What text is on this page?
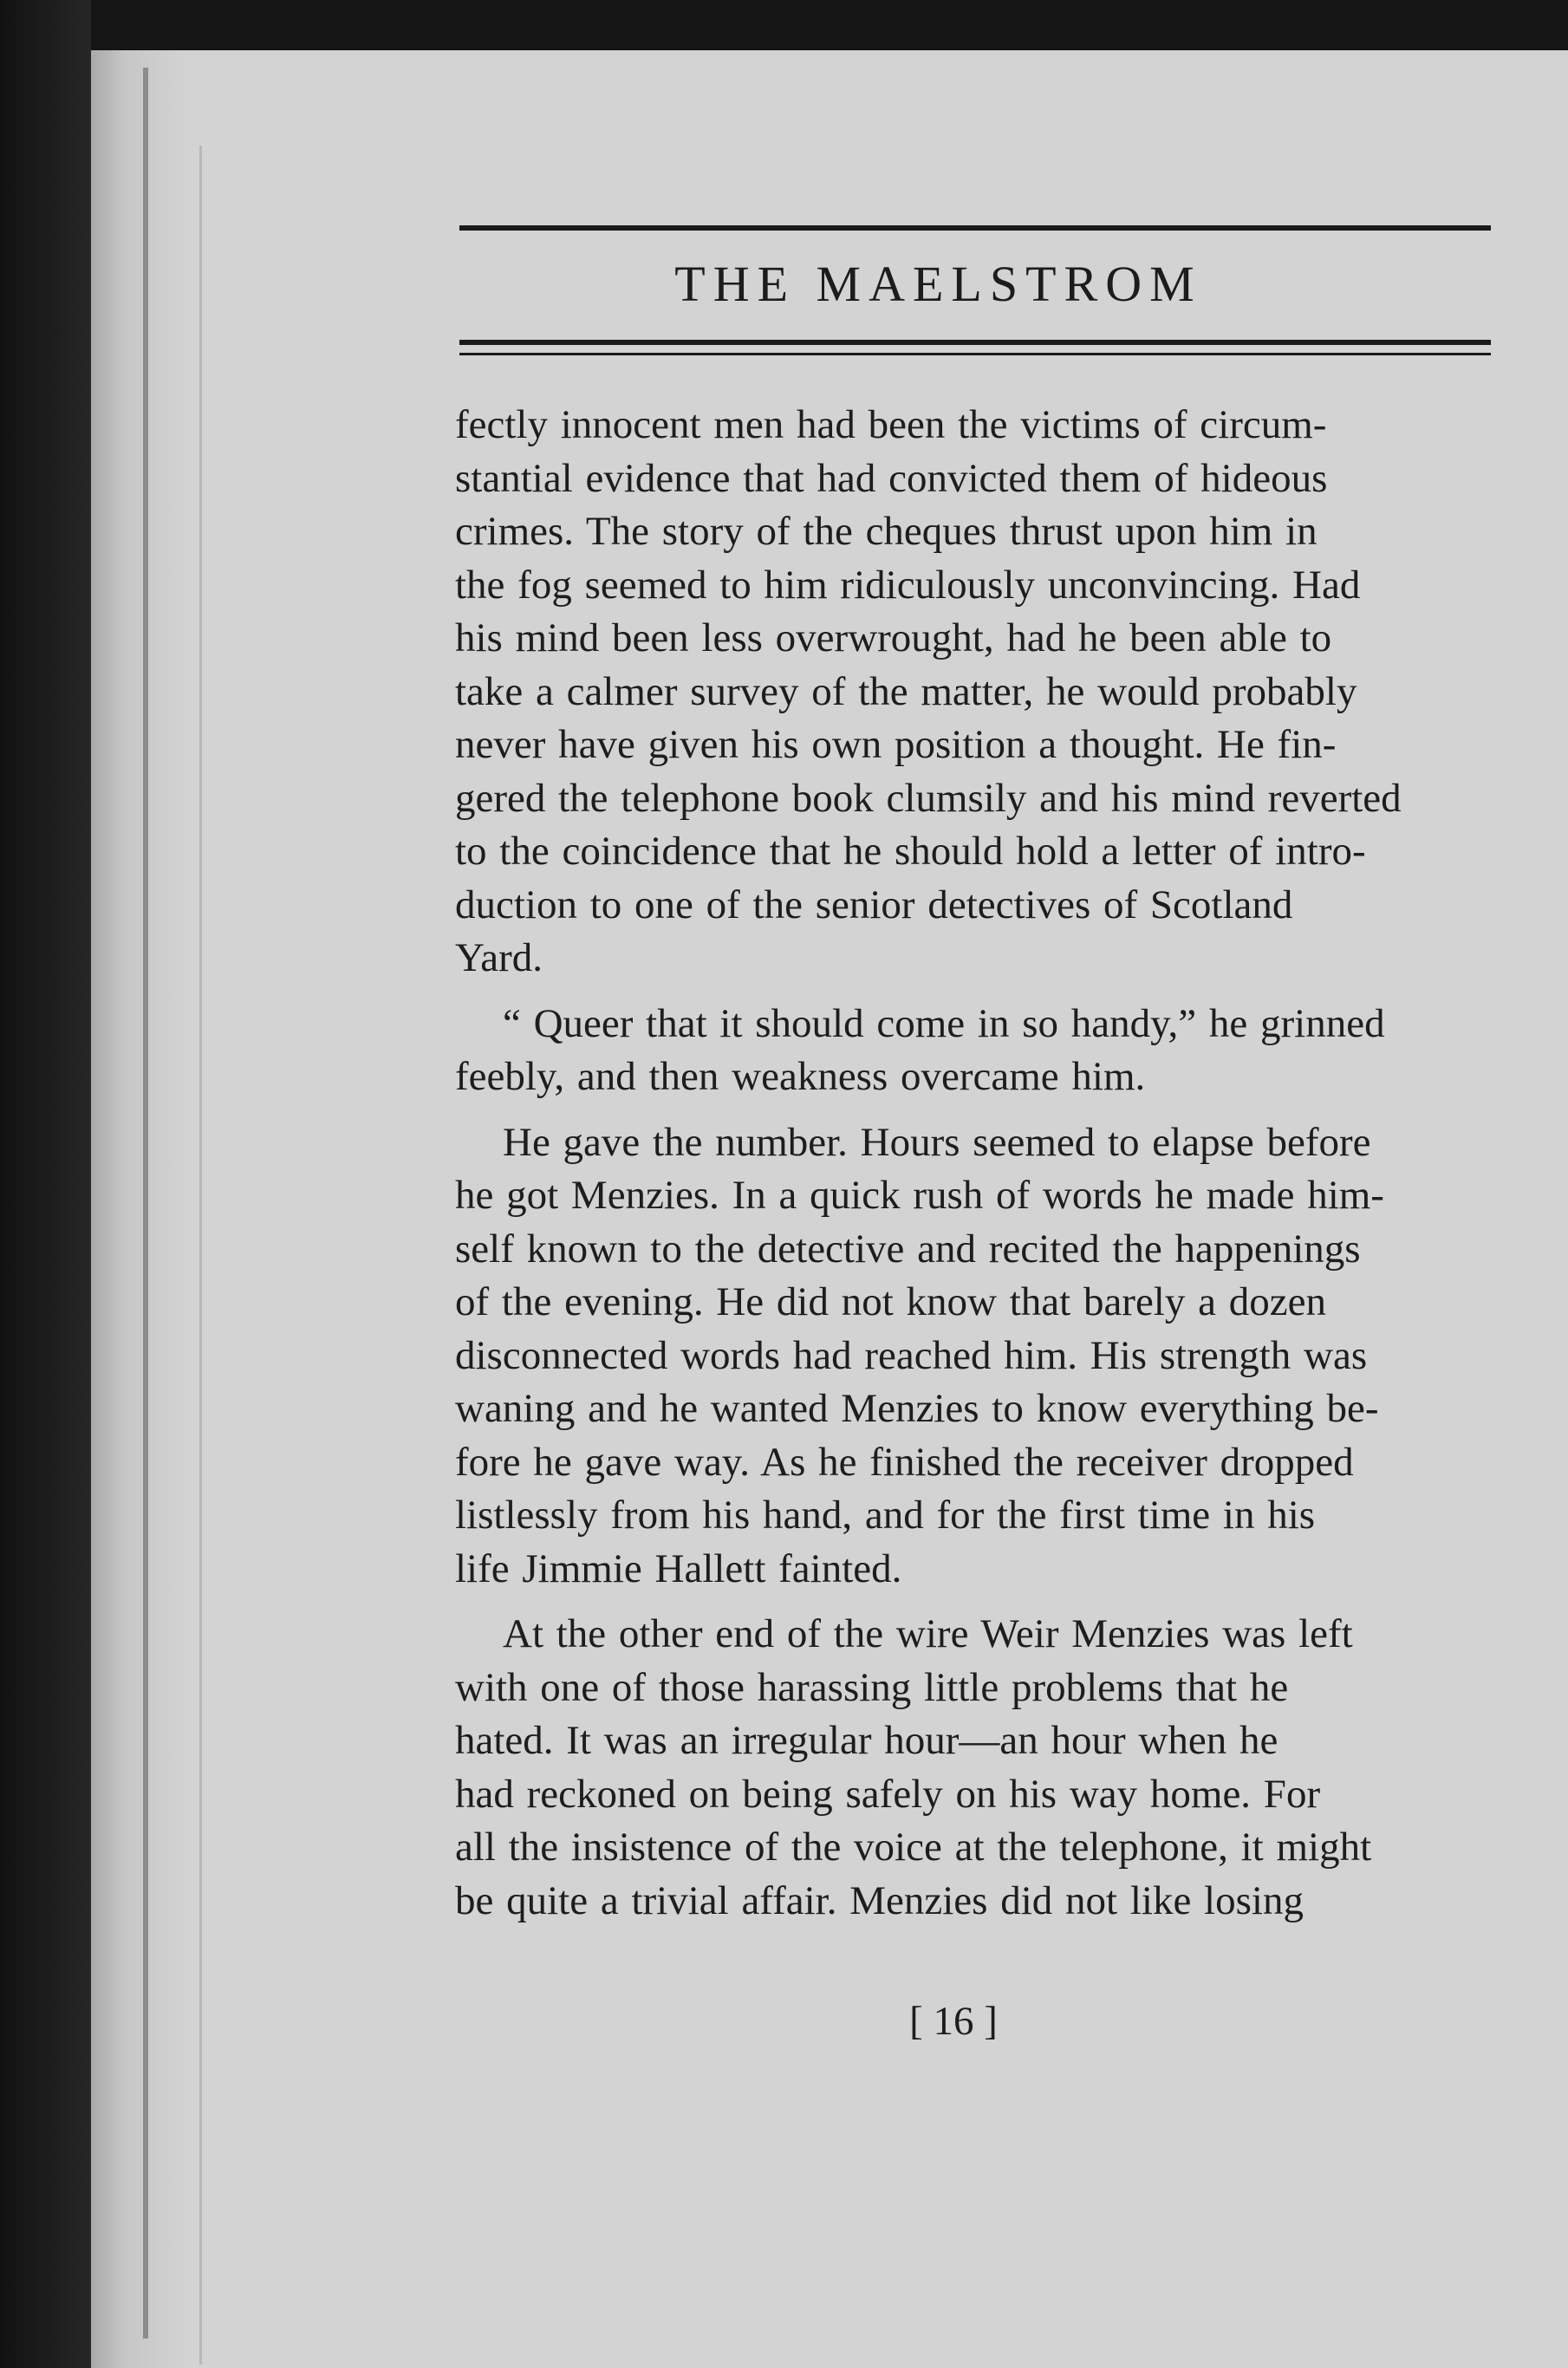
THE MAELSTROM

fectly innocent men had been the victims of circum-

stantial evidence that had convicted them of hideous

crimes. The story of the cheques thrust upon him in

the fog seemed to him ridiculously unconvincing. Had

his mind been less overwrought, had he been able to

take a calmer survey of the matter, he would probably

never have given his own position a thought. He fin-

gered the telephone book clumsily and his mind reverted

to the coincidence that he should hold a letter of intro-

duction to one of the senior detectives of Scotland

Yard.

“ Queer that it should come in so handy,” he grinned

feebly, and then weakness overcame him.

He gave the number. Hours seemed to elapse before

he got Menzies. In a quick rush of words he made him-

self known to the detective and recited the happenings

of the evening. He did not know that barely a dozen

disconnected words had reached him. His strength was

waning and he wanted Menzies to know everything be-

fore he gave way. As he finished the receiver dropped

listlessly from his hand, and for the first time in his

life Jimmie Hallett fainted.

At the other end of the wire Weir Menzies was left

with one of those harassing little problems that he

hated. It was an irregular hour—an hour when he

had reckoned on being safely on his way home. For

all the insistence of the voice at the telephone, it might

be quite a trivial affair. Menzies did not like losing

[ 16 ]
